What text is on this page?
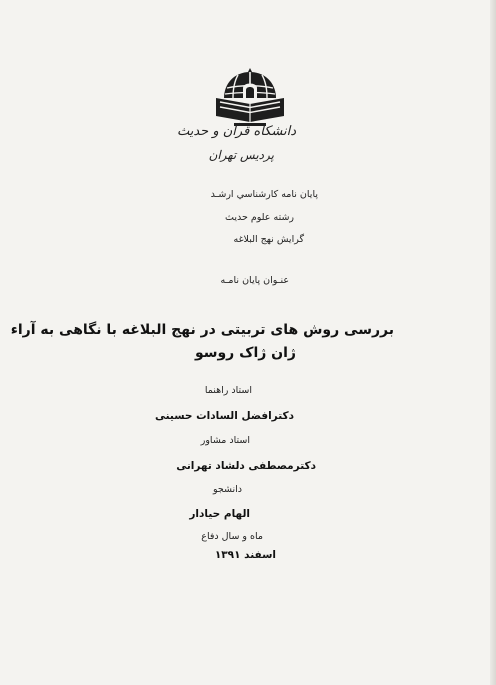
دانشکاه قرآن و حدیث
پردیس تهران
پایان نامه کارشناسي ارشـد
رشته علوم حدیث
گرایش نهج البلاغه
عنـوان پایان نامـه
بررسی روش های تربیتی در نهج البلاغه با نگاهی به آراء
ژان ژاک روسو
استاد راهنما
دکترافضل السادات حسینی
استاد مشاور
دکترمصطفی دلشاد تهرانی
دانشجو
الهام حیادار
ماه و سال دفاع
اسفند ۱۳۹۱
